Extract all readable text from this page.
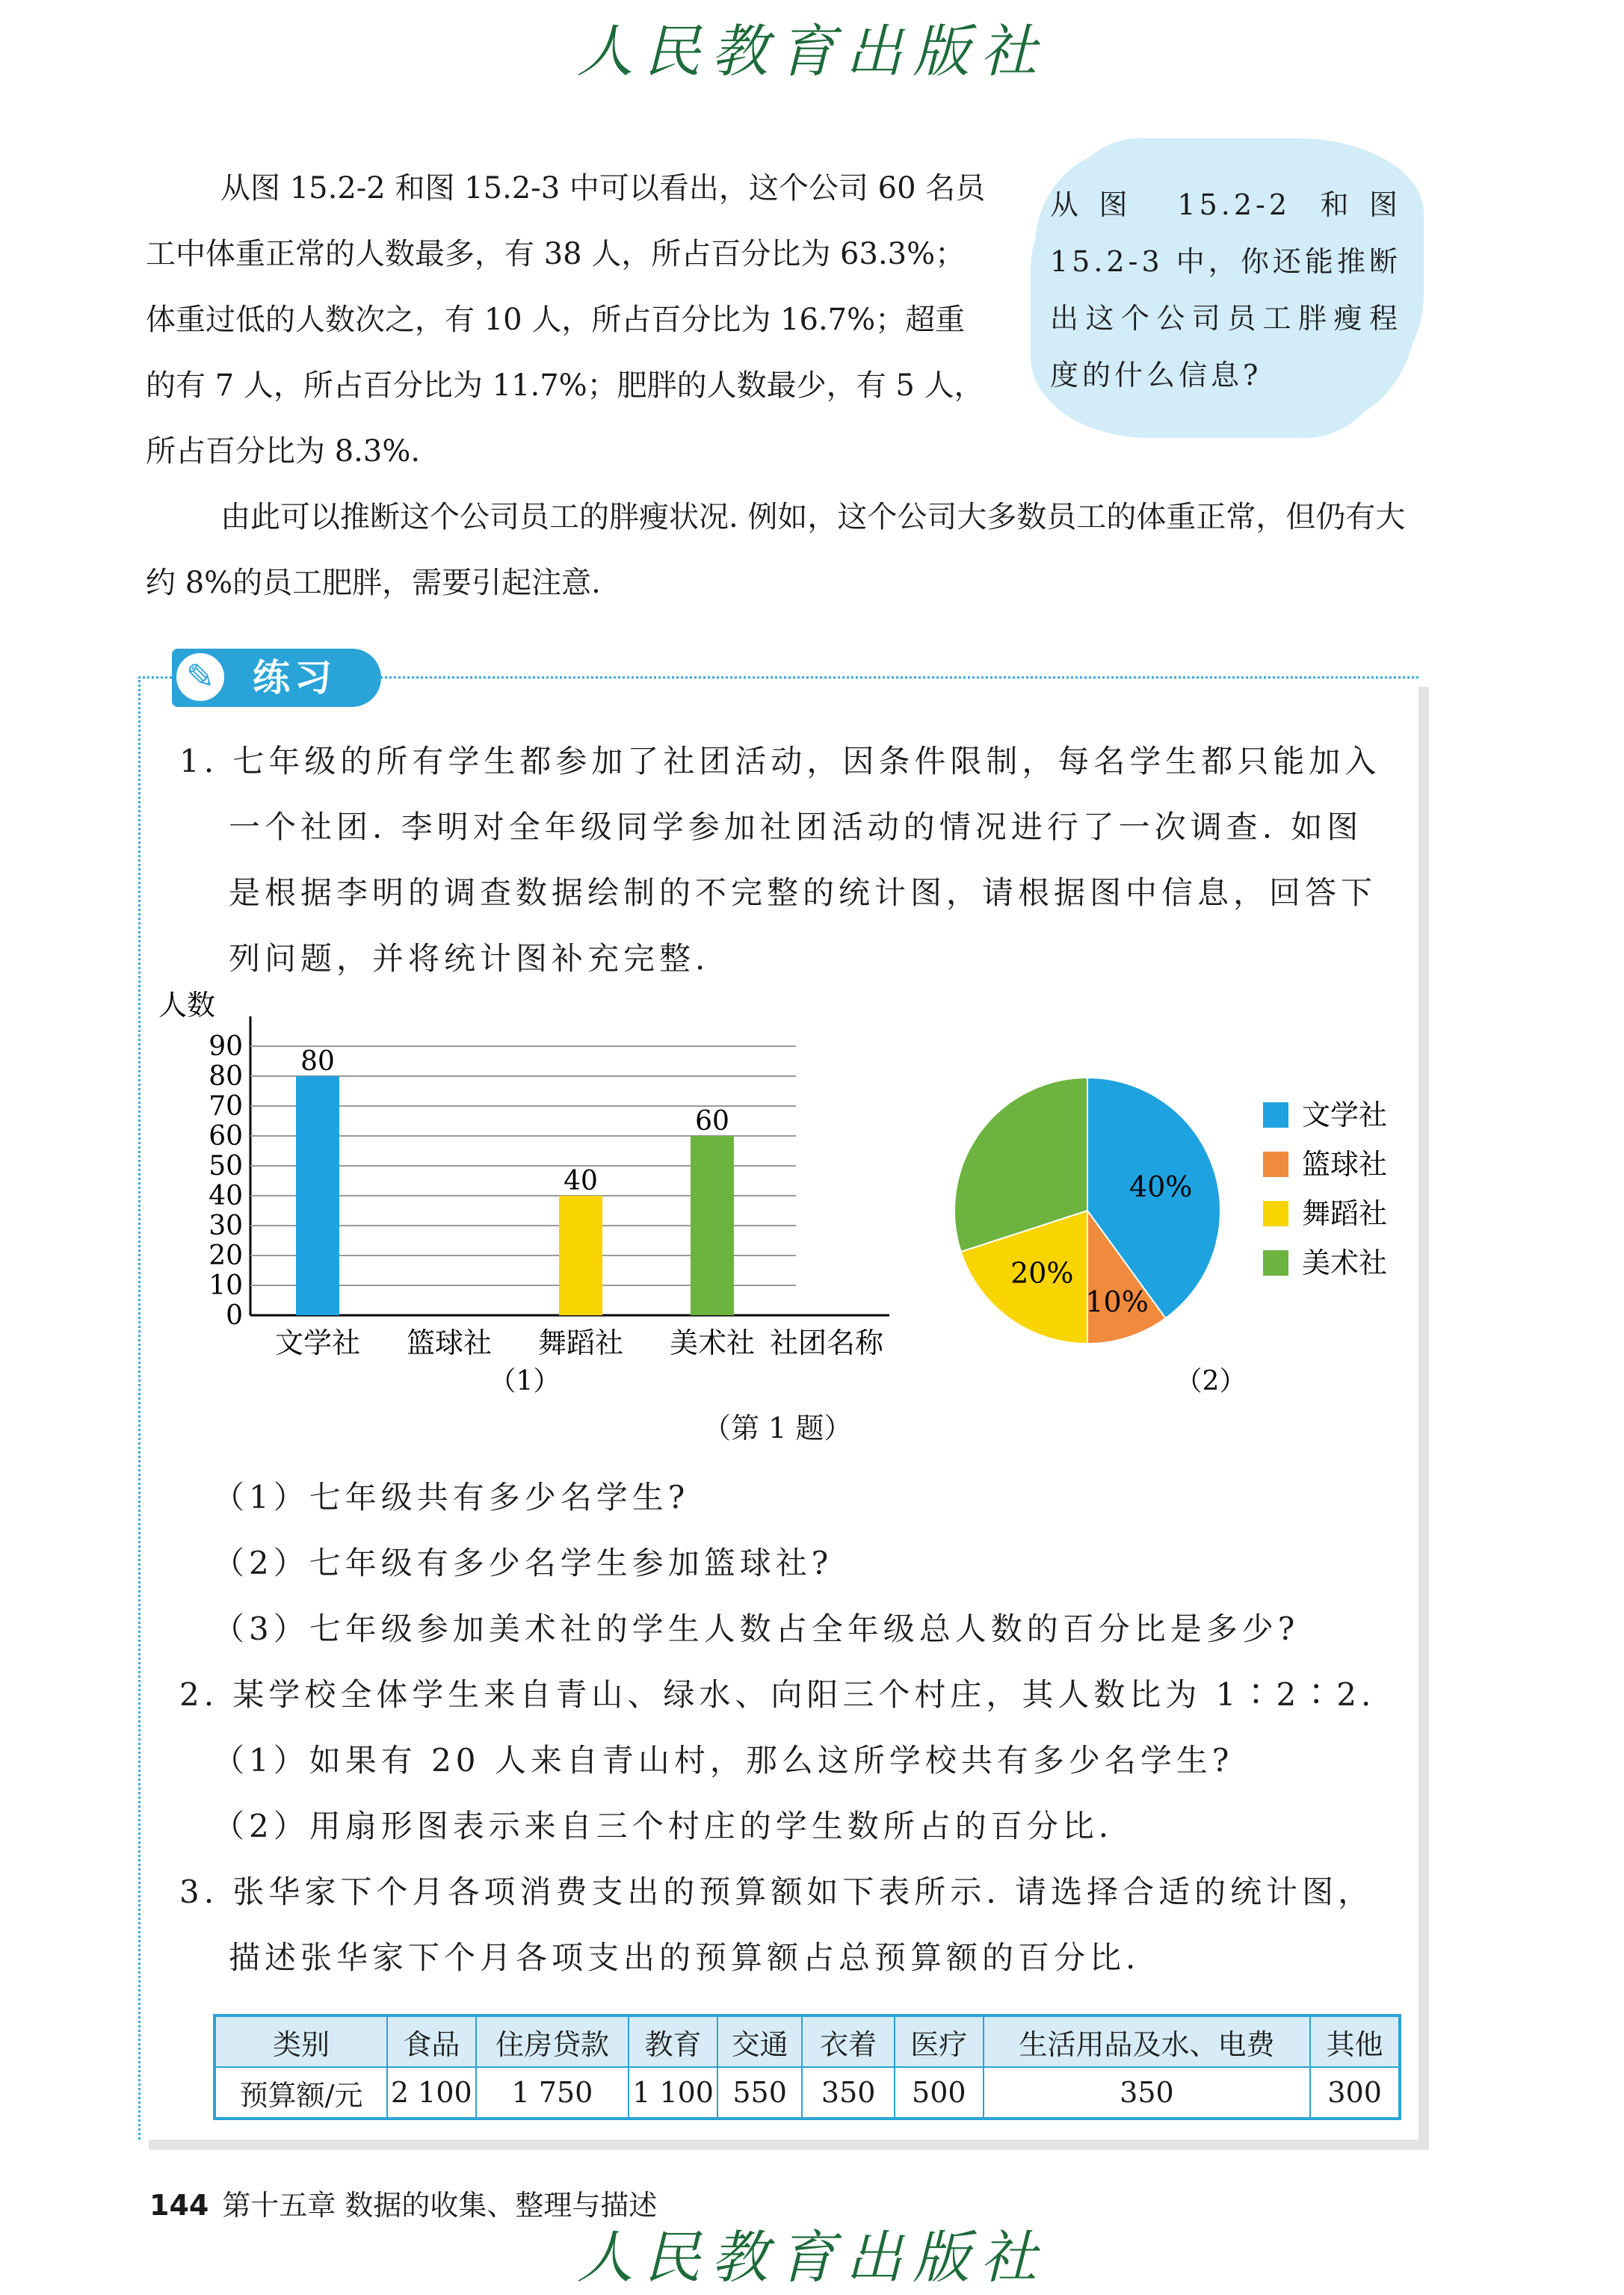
人民教育出版社

从图 15.2-2 和图 15.2-3 中可以看出，这个公司 60 名员工中体重正常的人数最多，有 38 人，所占百分比为 63.3%；体重过低的人数次之，有 10 人，所占百分比为 16.7%；超重的有 7 人，所占百分比为 11.7%；肥胖的人数最少，有 5 人，所占百分比为 8.3%.

由此可以推断这个公司员工的胖瘦状况. 例如，这个公司大多数员工的体重正常，但仍有大约 8%的员工肥胖，需要引起注意.

从图 15.2-2 和图 15.2-3 中，你还能推断出这个公司员工胖瘦程度的什么信息?
✎	练习

1. 七年级的所有学生都参加了社团活动，因条件限制，每名学生都只能加入一个社团. 李明对全年级同学参加社团活动的情况进行了一次调查. 如图是根据李明的调查数据绘制的不完整的统计图，请根据图中信息，回答下列问题，并将统计图补充完整.

人数
社团名称
0
10
20
30
40
50
60
70
80
90 80
40
60
文学社 篮球社 舞蹈社 美术社
（1）
40%
10%
20%
文学社
篮球社
舞蹈社
美术社
（2）
（第 1 题）

（1）七年级共有多少名学生?

（2）七年级有多少名学生参加篮球社?

（3）七年级参加美术社的学生人数占全年级总人数的百分比是多少?

2. 某学校全体学生来自青山、绿水、向阳三个村庄，其人数比为 1∶2∶2.

（1）如果有 20 人来自青山村，那么这所学校共有多少名学生?

（2）用扇形图表示来自三个村庄的学生数所占的百分比.

3. 张华家下个月各项消费支出的预算额如下表所示. 请选择合适的统计图，描述张华家下个月各项支出的预算额占总预算额的百分比.

类别	食品	住房贷款	教育	交通	衣着	医疗	生活用品及水、电费	其他
预算额/元	2 100	1 750	1 100	550	350	500	350	300
144 第十五章 数据的收集、整理与描述
人民教育出版社
